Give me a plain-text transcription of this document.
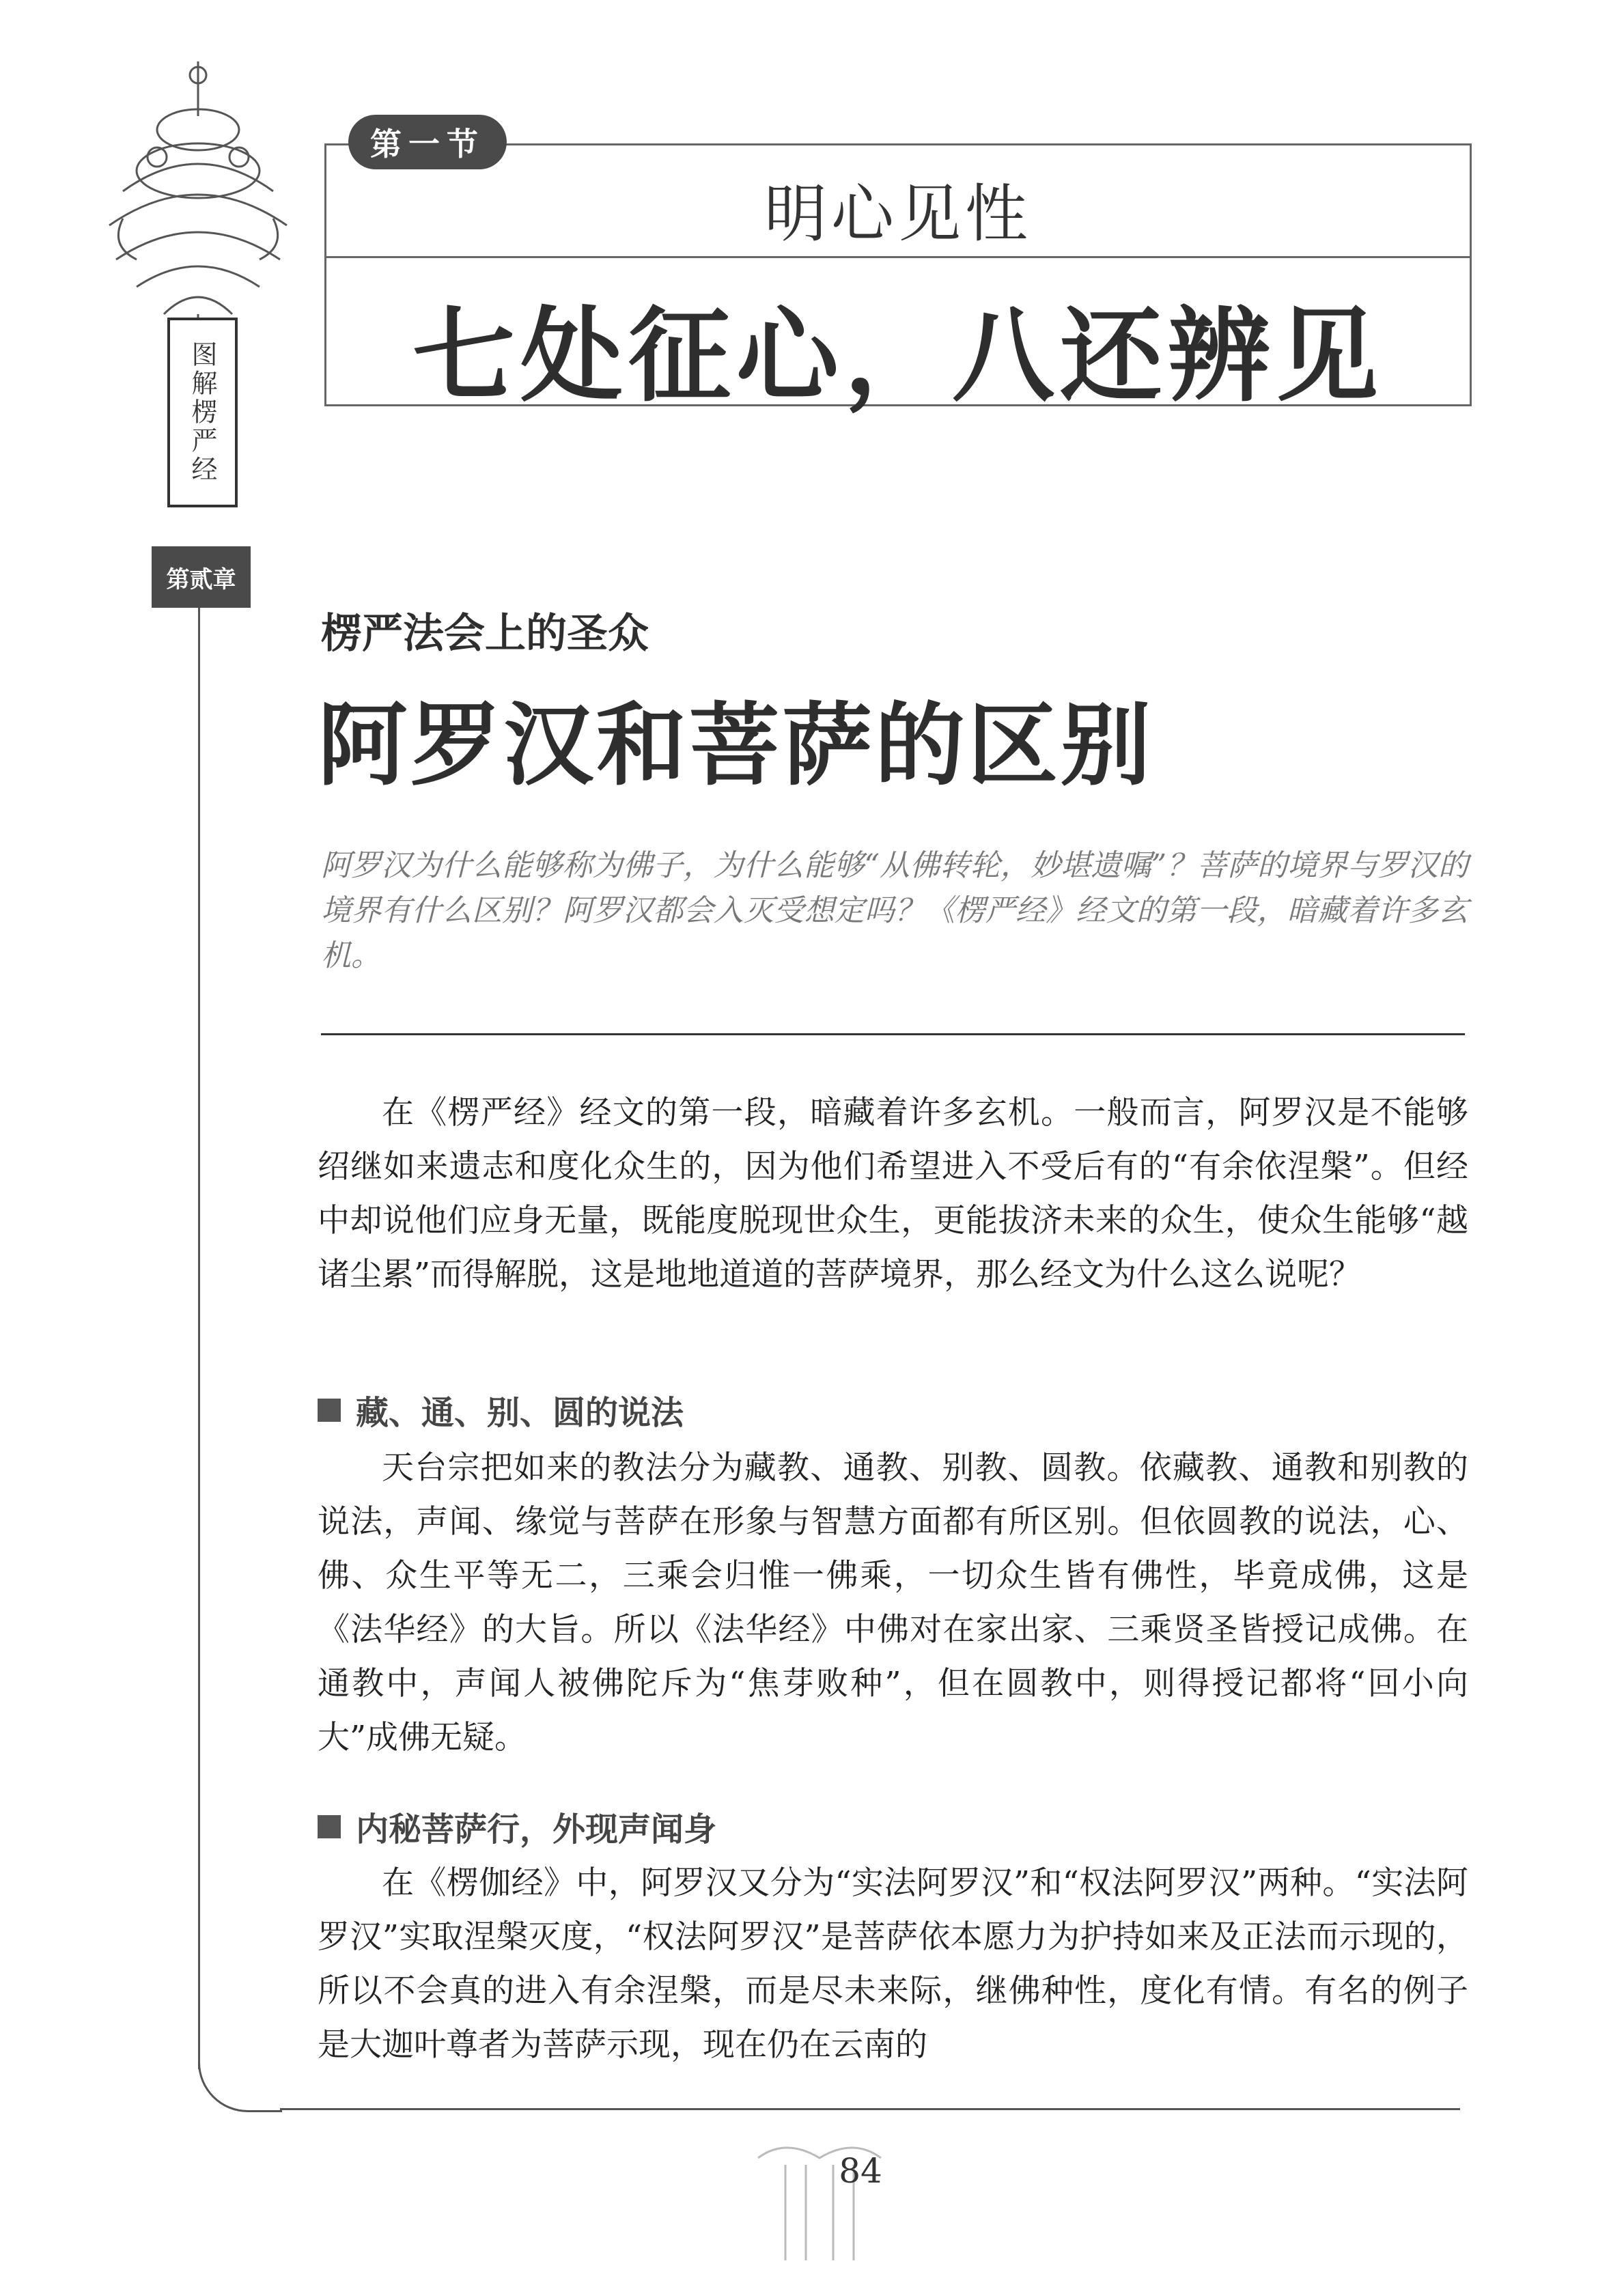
图解楞严经
第贰章
第一节
明心见性
七处征心，八还辨见
楞严法会上的圣众
阿罗汉和菩萨的区别
阿罗汉为什么能够称为佛子，为什么能够“从佛转轮，妙堪遗嘱”？菩萨的境界与罗汉的境界有什么区别？阿罗汉都会入灭受想定吗？《楞严经》经文的第一段，暗藏着许多玄机。
在《楞严经》经文的第一段，暗藏着许多玄机。一般而言，阿罗汉是不能够绍继如来遗志和度化众生的，因为他们希望进入不受后有的“有余依涅槃”。但经中却说他们应身无量，既能度脱现世众生，更能拔济未来的众生，使众生能够“越诸尘累”而得解脱，这是地地道道的菩萨境界，那么经文为什么这么说呢？
藏、通、别、圆的说法
天台宗把如来的教法分为藏教、通教、别教、圆教。依藏教、通教和别教的说法，声闻、缘觉与菩萨在形象与智慧方面都有所区别。但依圆教的说法，心、佛、众生平等无二，三乘会归惟一佛乘，一切众生皆有佛性，毕竟成佛，这是《法华经》的大旨。所以《法华经》中佛对在家出家、三乘贤圣皆授记成佛。在通教中，声闻人被佛陀斥为“焦芽败种”，但在圆教中，则得授记都将“回小向大”成佛无疑。
内秘菩萨行，外现声闻身
在《楞伽经》中，阿罗汉又分为“实法阿罗汉”和“权法阿罗汉”两种。“实法阿罗汉”实取涅槃灭度，“权法阿罗汉”是菩萨依本愿力为护持如来及正法而示现的，所以不会真的进入有余涅槃，而是尽未来际，继佛种性，度化有情。有名的例子是大迦叶尊者为菩萨示现，现在仍在云南的
84
